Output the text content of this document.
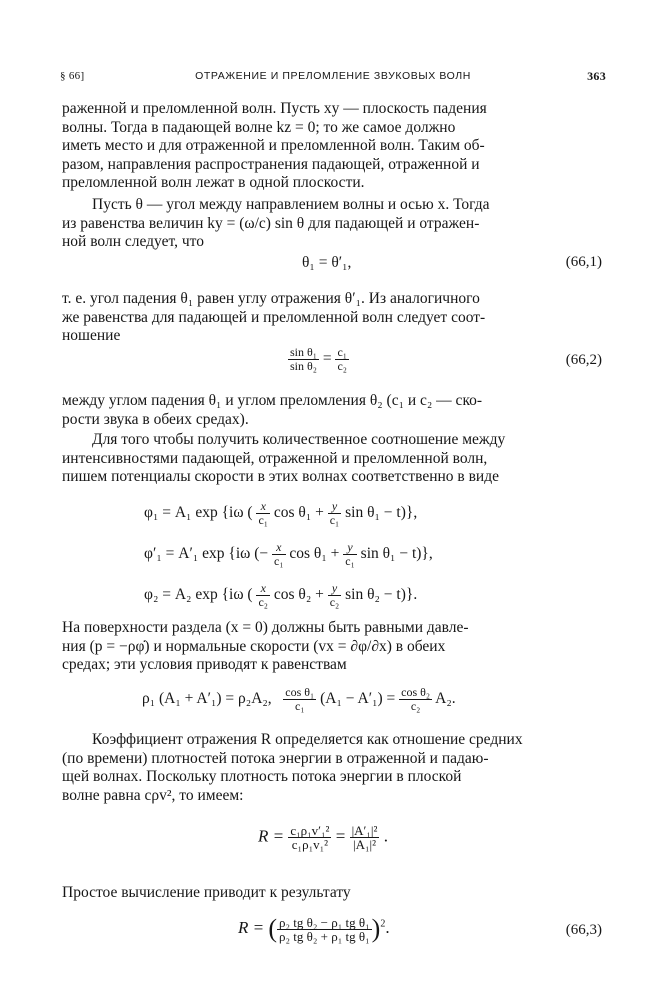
§ 66]	ОТРАЖЕНИЕ И ПРЕЛОМЛЕНИЕ ЗВУКОВЫХ ВОЛН	363
раженной и преломленной волн. Пусть xy — плоскость падения
волны. Тогда в падающей волне kz = 0; то же самое должно
иметь место и для отраженной и преломленной волн. Таким об-
разом, направления распространения падающей, отраженной и
преломленной волн лежат в одной плоскости.
Пусть θ — угол между направлением волны и осью x. Тогда
из равенства величин ky = (ω/c) sin θ для падающей и отражен-
ной волн следует, что
θ₁ = θ′₁,	(66,1)
т. е. угол падения θ₁ равен углу отражения θ′₁. Из аналогичного
же равенства для падающей и преломленной волн следует соот-
ношение
$\frac{\text{sin θ₁}}{\text{sin θ₂}} = \frac{\text{c₁}}{\text{c₂}}$	(66,2)
между углом падения θ₁ и углом преломления θ₂ (c₁ и c₂ — ско-
рости звука в обеих средах).
Для того чтобы получить количественное соотношение между
интенсивностями падающей, отраженной и преломленной волн,
пишем потенциалы скорости в этих волнах соответственно в виде
φ₁ = A₁ exp {iω ( $\frac{x}{\text{c₁}}$ $\cos \theta_1 + \frac{y}{\text{c₁}}$ sin θ₁ − t)},
φ′₁ = A′₁ exp {iω (− $\frac{x}{\text{c₁}}$ $\cos \theta_1 + \frac{y}{\text{c₁}}$ sin θ₁ − t)},
φ₂ = A₂ exp {iω ( $\frac{x}{\text{c₂}}$ $\cos \theta_2 + \frac{y}{\text{c₂}}$ sin θ₂ − t)}.
На поверхности раздела (x = 0) должны быть равными давле-
ния (p = −ρφ̇) и нормальные скорости (vx = ∂φ/∂x) в обеих
средах; эти условия приводят к равенствам
ρ₁ (A₁ + A′₁) = ρ₂A₂, $\frac{\text{cos θ₁}}{\text{c₁}} (A_1 - A'_1) = \frac{\text{cos θ₂}}{\text{c₂}} A_2$.
Коэффициент отражения R определяется как отношение средних
(по времени) плотностей потока энергии в отраженной и падаю-
щей волнах. Поскольку плотность потока энергии в плоской
волне равна cρv², то имеем:
$R = \frac{\text{c₁ρ₁v′₁²}}{\text{c₁ρ₁v₁²}} = \frac{\text{|A′₁|²}}{\text{|A₁|²}}$ .
Простое вычисление приводит к результату
R = ( $\frac{\text{ρ₂ tg θ₂ − ρ₁ tg θ₁}}{\text{ρ₂ tg θ₂ + ρ₁ tg θ₁}} )^2$.	(66,3)
